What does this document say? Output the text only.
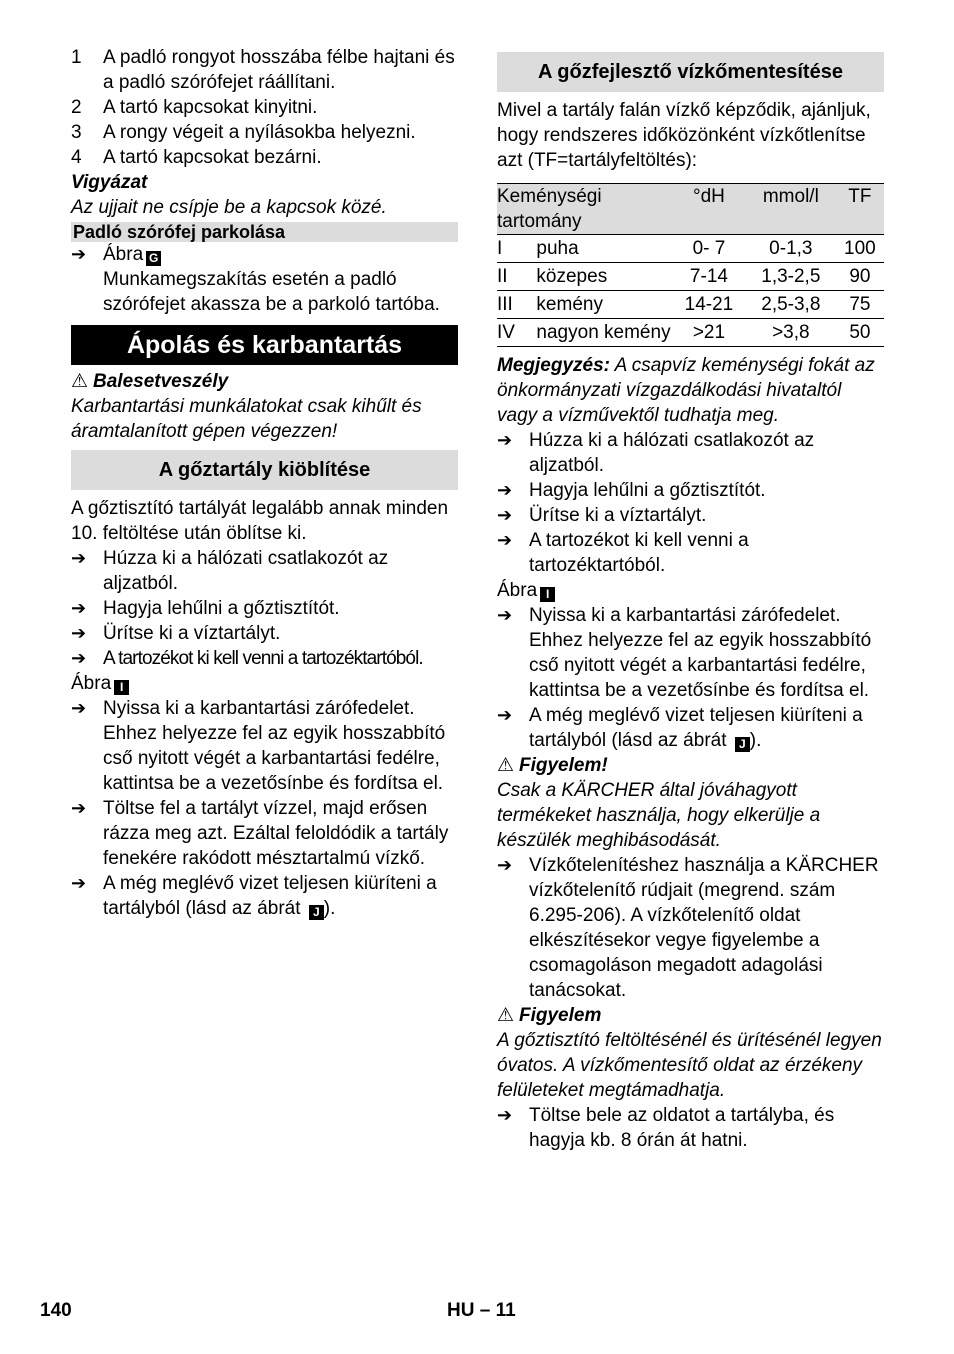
1	A padló rongyot hosszába félbe hajtani és a padló szórófejet ráállítani.
2	A tartó kapcsokat kinyitni.
3	A rongy végeit a nyílásokba helyezni.
4	A tartó kapcsokat bezárni.
Vigyázat
Az ujjait ne csípje be a kapcsok közé.
Padló szórófej parkolása
➔ Ábra G
Munkamegszakítás esetén a padló szórófejet akassza be a parkoló tartóba.
Ápolás és karbantartás
⚠ Balesetveszély
Karbantartási munkálatokat csak kihűlt és áramtalanított gépen végezzen!
A gőztartály kiöblítése
A gőztisztító tartályát legalább annak minden 10. feltöltése után öblítse ki.
➔ Húzza ki a hálózati csatlakozót az aljzatból.
➔ Hagyja lehűlni a gőztisztítót.
➔ Ürítse ki a víztartályt.
➔ A tartozékot ki kell venni a tartozéktartóból.
Ábra I
➔ Nyissa ki a karbantartási zárófedelet. Ehhez helyezze fel az egyik hosszabbító cső nyitott végét a karbantartási fedélre, kattintsa be a vezetősínbe és fordítsa el.
➔ Töltse fel a tartályt vízzel, majd erősen rázza meg azt. Ezáltal feloldódik a tartály fenekére rakódott mésztartalmú vízkő.
➔ A még meglévő vizet teljesen kiüríteni a tartályból (lásd az ábrát J ).
A gőzfejlesztő vízkőmentesítése
Mivel a tartály falán vízkő képződik, ajánljuk, hogy rendszeres időközönként vízkőtlenítse azt (TF=tartályfeltöltés):
Keménységi tartomány		°dH	mmol/l	TF
I	puha	0- 7	0-1,3	100
II	közepes	7-14	1,3-2,5	90
III	kemény	14-21	2,5-3,8	75
IV	nagyon kemény	>21	>3,8	50
Megjegyzés: A csapvíz keménységi fokát az önkormányzati vízgazdálkodási hivataltól vagy a vízművektől tudhatja meg.
➔ Húzza ki a hálózati csatlakozót az aljzatból.
➔ Hagyja lehűlni a gőztisztítót.
➔ Ürítse ki a víztartályt.
➔ A tartozékot ki kell venni a tartozéktartóból.
Ábra I
➔ Nyissa ki a karbantartási zárófedelet. Ehhez helyezze fel az egyik hosszabbító cső nyitott végét a karbantartási fedélre, kattintsa be a vezetősínbe és fordítsa el.
➔ A még meglévő vizet teljesen kiüríteni a tartályból (lásd az ábrát J ).
⚠ Figyelem!
Csak a KÄRCHER által jóváhagyott termékeket használja, hogy elkerülje a készülék meghibásodását.
➔ Vízkőtelenítéshez használja a KÄRCHER vízkőtelenítő rúdjait (megrend. szám 6.295-206). A vízkőtelenítő oldat elkészítésekor vegye figyelembe a csomagoláson megadott adagolási tanácsokat.
⚠ Figyelem
A gőztisztító feltöltésénél és ürítésénél legyen óvatos. A vízkőmentesítő oldat az érzékeny felületeket megtámadhatja.
➔ Töltse bele az oldatot a tartályba, és hagyja kb. 8 órán át hatni.
140	HU – 11
